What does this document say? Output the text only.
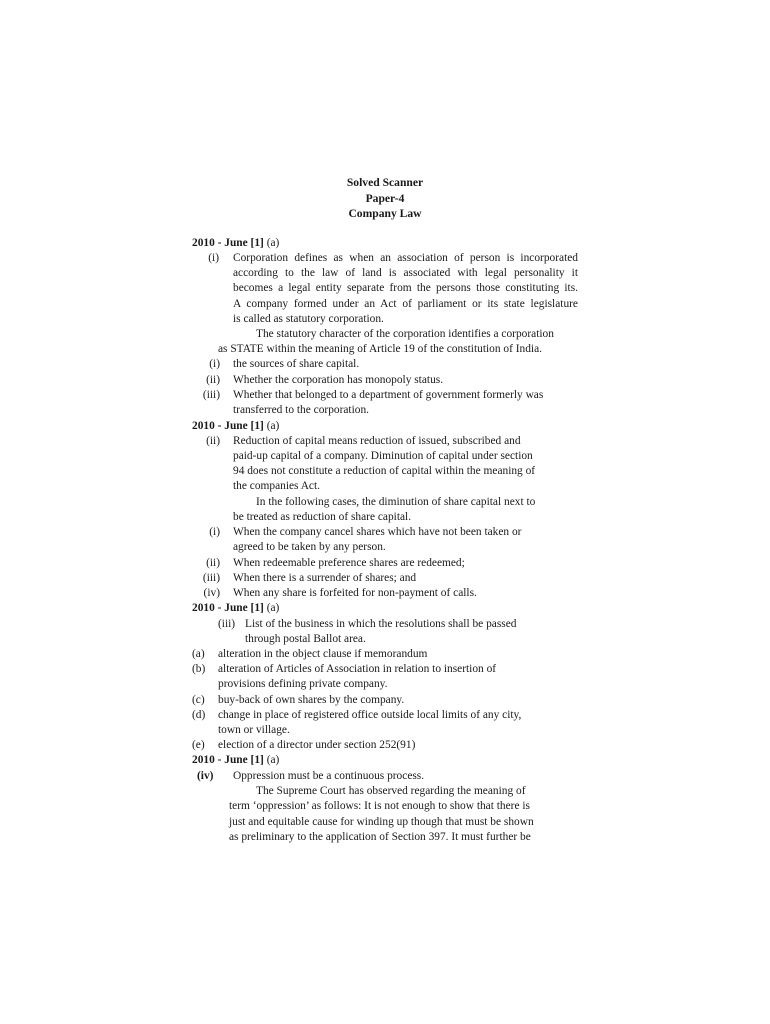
Solved Scanner
Paper-4
Company Law
2010 - June [1] (a)
(i) Corporation defines as when an association of person is incorporated
according to the law of land is associated with legal personality it
becomes a legal entity separate from the persons those constituting its.
A company formed under an Act of parliament or its state legislature
is called as statutory corporation.
The statutory character of the corporation identifies a corporation
as STATE within the meaning of Article 19 of the constitution of India.
(i) the sources of share capital.
(ii) Whether the corporation has monopoly status.
(iii) Whether that belonged to a department of government formerly was
transferred to the corporation.
2010 - June [1] (a)
(ii) Reduction of capital means reduction of issued, subscribed and
paid-up capital of a company. Diminution of capital under section
94 does not constitute a reduction of capital within the meaning of
the companies Act.
In the following cases, the diminution of share capital next to
be treated as reduction of share capital.
(i) When the company cancel shares which have not been taken or
agreed to be taken by any person.
(ii) When redeemable preference shares are redeemed;
(iii) When there is a surrender of shares; and
(iv) When any share is forfeited for non-payment of calls.
2010 - June [1] (a)
(iii) List of the business in which the resolutions shall be passed
through postal Ballot area.
(a) alteration in the object clause if memorandum
(b) alteration of Articles of Association in relation to insertion of
provisions defining private company.
(c) buy-back of own shares by the company.
(d) change in place of registered office outside local limits of any city,
town or village.
(e) election of a director under section 252(91)
2010 - June [1] (a)
(iv) Oppression must be a continuous process.
The Supreme Court has observed regarding the meaning of
term ‘oppression’ as follows: It is not enough to show that there is
just and equitable cause for winding up though that must be shown
as preliminary to the application of Section 397. It must further be
